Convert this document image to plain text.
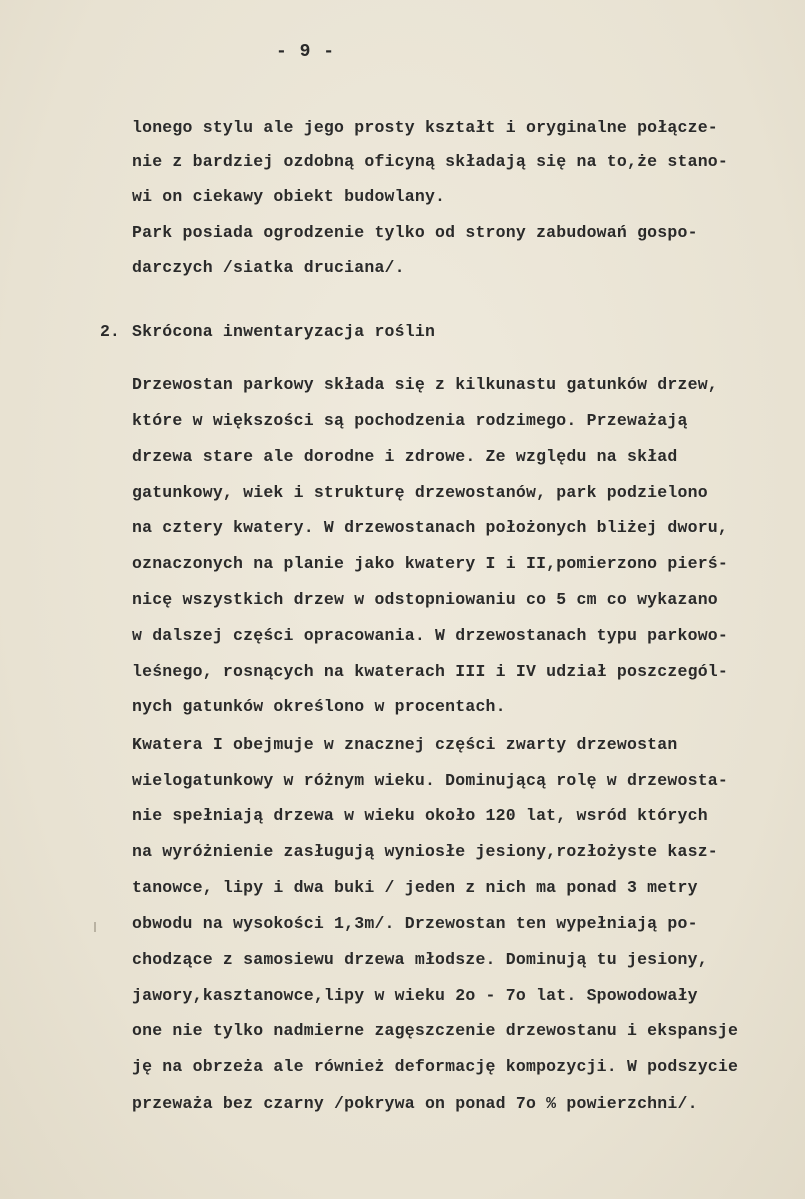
- 9 -
lonego stylu ale jego prosty kształt i oryginalne połącze-
nie z bardziej ozdobną oficyną składają się na to,że stano-
wi on ciekawy obiekt budowlany.
Park posiada ogrodzenie tylko od strony zabudowań gospo-
darczych /siatka druciana/.
2. Skrócona inwentaryzacja roślin
Drzewostan parkowy składa się z kilkunastu gatunków drzew,
które w większości są pochodzenia rodzimego. Przeważają
drzewa stare ale dorodne i zdrowe. Ze względu na skład
gatunkowy, wiek i strukturę drzewostanów, park podzielono
na cztery kwatery. W drzewostanach położonych bliżej dworu,
oznaczonych na planie jako kwatery I i II,pomierzono pierś-
nicę wszystkich drzew w odstopniowaniu co 5 cm co wykazano
w dalszej części opracowania. W drzewostanach typu parkowo-
leśnego, rosnących na kwaterach III i IV udział poszczegól-
nych gatunków określono w procentach.
Kwatera I obejmuje w znacznej części zwarty drzewostan
wielogatunkowy w różnym wieku. Dominującą rolę w drzewosta-
nie spełniają drzewa w wieku około 120 lat, wsród których
na wyróżnienie zasługują wyniosłe jesiony,rozłożyste kasz-
tanowce, lipy i dwa buki / jeden z nich ma ponad 3 metry
obwodu na wysokości 1,3m/. Drzewostan ten wypełniają po-
chodzące z samosiewu drzewa młodsze. Dominują tu jesiony,
jawory,kasztanowce,lipy w wieku 2o - 7o lat. Spowodowały
one nie tylko nadmierne zagęszczenie drzewostanu i ekspansje
ję na obrzeża ale również deformację kompozycji. W podszycie
przeważa bez czarny /pokrywa on ponad 7o % powierzchni/.
